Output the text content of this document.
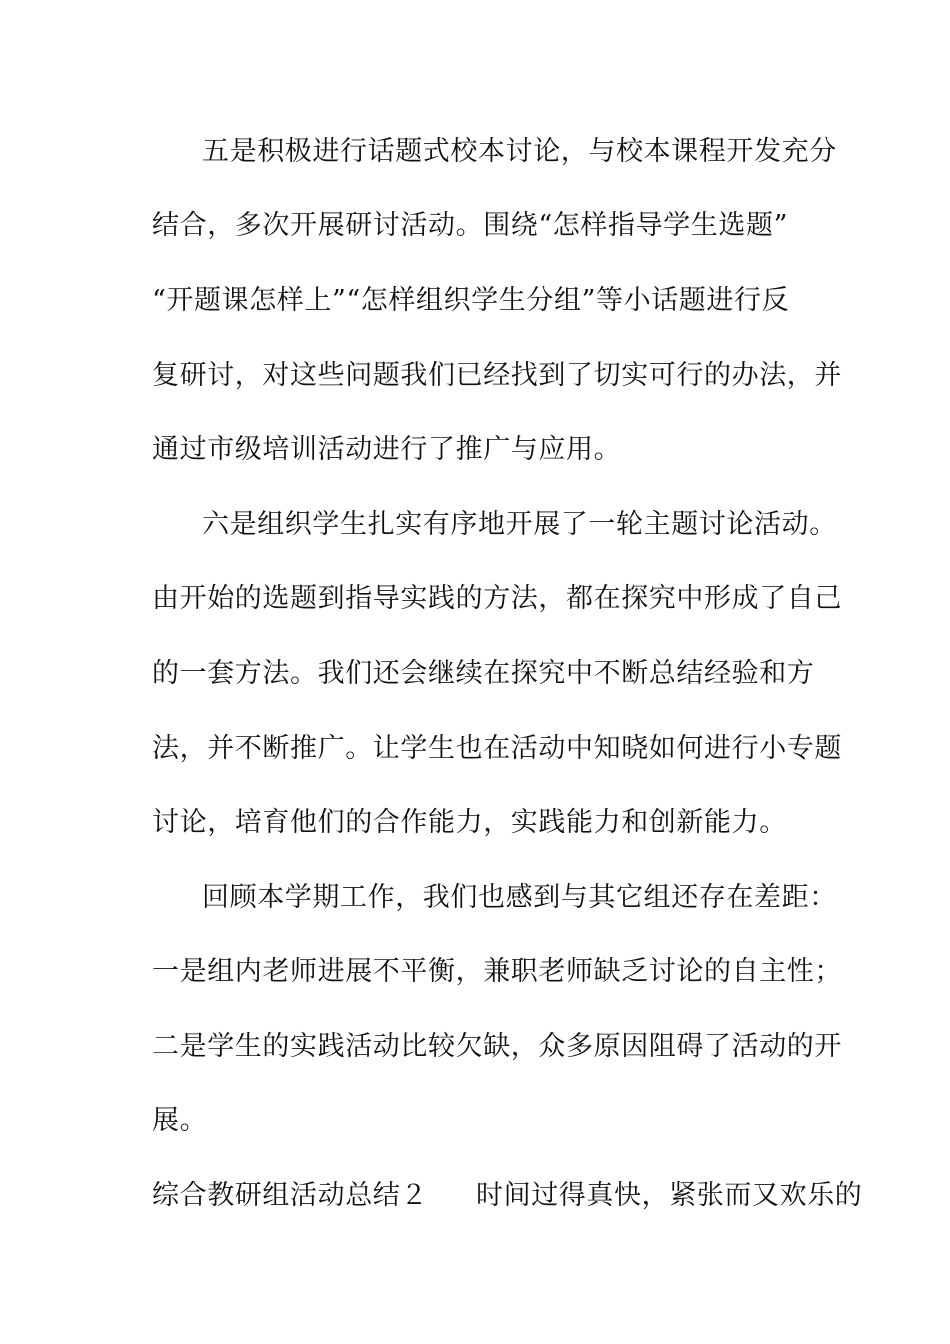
五是积极进行话题式校本讨论，与校本课程开发充分
结合，多次开展研讨活动。围绕“怎样指导学生选题”
“开题课怎样上”“怎样组织学生分组”等小话题进行反
复研讨，对这些问题我们已经找到了切实可行的办法，并
通过市级培训活动进行了推广与应用。
六是组织学生扎实有序地开展了一轮主题讨论活动。
由开始的选题到指导实践的方法，都在探究中形成了自己
的一套方法。我们还会继续在探究中不断总结经验和方
法，并不断推广。让学生也在活动中知晓如何进行小专题
讨论，培育他们的合作能力，实践能力和创新能力。
回顾本学期工作，我们也感到与其它组还存在差距：
一是组内老师进展不平衡，兼职老师缺乏讨论的自主性；
二是学生的实践活动比较欠缺，众多原因阻碍了活动的开
展。
综合教研组活动总结２ 时间过得真快，紧张而又欢乐的
